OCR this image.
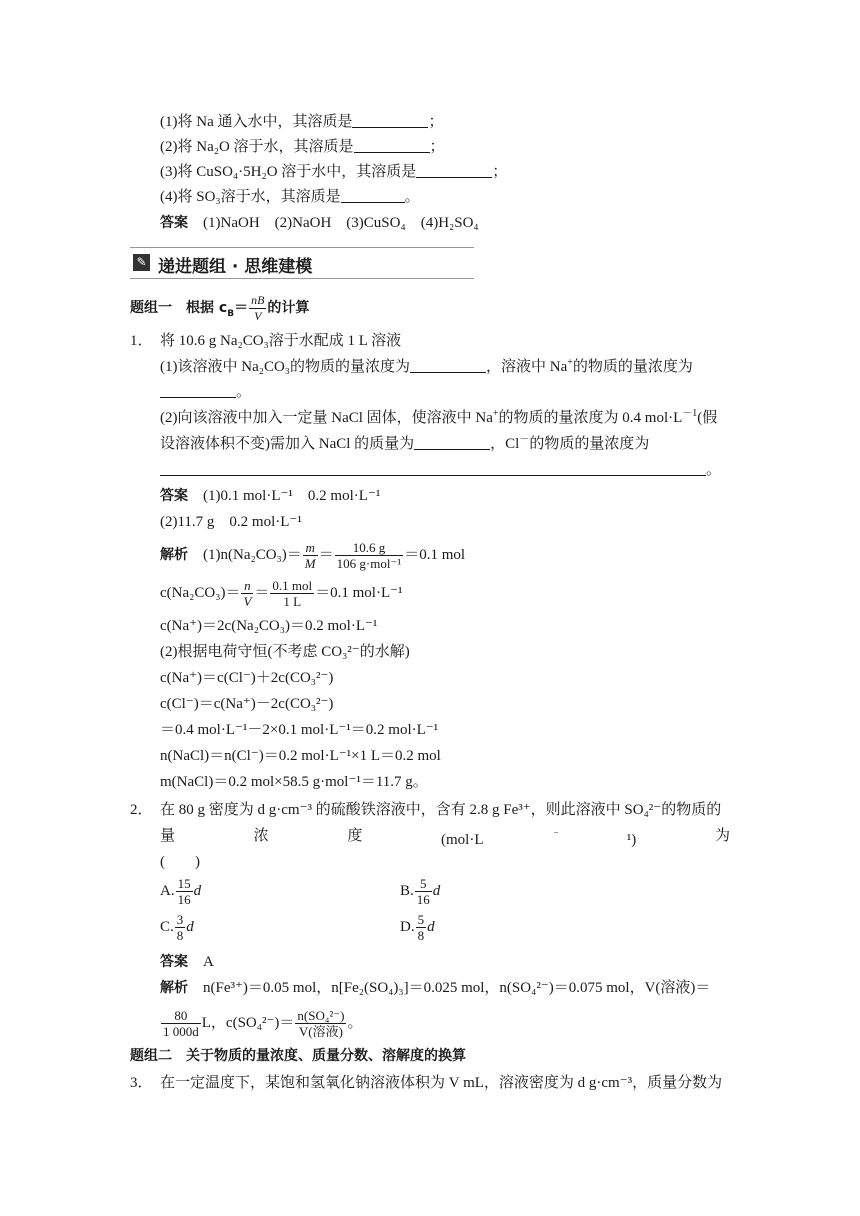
(1)将 Na 通入水中，其溶质是	；
(2)将 Na₂O 溶于水，其溶质是	；
(3)将 CuSO₄·5H₂O 溶于水中，其溶质是	；
(4)将 SO₃溶于水，其溶质是	。
答案　 (1)NaOH　(2)NaOH　(3)CuSO₄　(4)H₂SO₄
✎ 递进题组 · 思维建模
题组一　根据 $c_B= \frac{nB}{V}$ 的计算
1． 将 10.6 g Na₂CO₃溶于水配成 1 L 溶液
(1)该溶液中 Na₂CO₃的物质的量浓度为	，溶液中 Na+的物质的量浓度为
。
(2)向该溶液中加入一定量 NaCl 固体，使溶液中 Na+的物质的量浓度为 0.4 $mol\cdot L^{-1}$(假
设溶液体积不变)需加入 NaCl 的质量为	，Cl－的物质的量浓度为
。
答案　 (1)0.1 mol·L⁻¹　0.2 mol·L⁻¹
(2)11.7 g　0.2 mol·L⁻¹
解析　 $(1)n(Na_2CO_3)= \frac{m}{M} = \frac{10.6 g}{\text{106 g·mol⁻¹}} =0.1$ mol
$c(Na_2CO_3)= \frac{n}{V} = \frac{\text{0.1 mol}}{1 L} =0.1$ mol·L⁻¹
c(Na⁺)＝2c(Na₂CO₃)＝0.2 mol·L⁻¹
(2)根据电荷守恒(不考虑 CO₃²⁻的水解)
c(Na⁺)＝c(Cl⁻)＋2c(CO₃²⁻)
c(Cl⁻)＝c(Na⁺)－2c(CO₃²⁻)
＝0.4 mol·L⁻¹－2×0.1 mol·L⁻¹＝0.2 mol·L⁻¹
n(NaCl)＝n(Cl⁻)＝0.2 mol·L⁻¹×1 L＝0.2 mol
m(NaCl)＝0.2 mol×58.5 g·mol⁻¹＝11.7 g。
2． 在 80 g 密度为 d g·cm⁻³ 的硫酸铁溶液中，含有 2.8 g Fe³⁺，则此溶液中 SO₄²⁻的物质的
量	浓	度	(mol·L	⁻	¹)	为
(　　)
A. $\frac{15}{16}$ d	B. $\frac{5}{16}$ d
C. $\frac{3}{8}$ d	D. $\frac{5}{8}$ d
答案　 A
解析　 n(Fe³⁺)＝0.05 mol，n[Fe₂(SO₄)₃]＝0.025 mol，n(SO₄²⁻)＝0.075 mol，V(溶液)＝
$\frac{80}{1 000d}$ L，$c(SO_4^{2-})= \frac{\text{n(SO₄²⁻)}}{\text{V(溶液)}}$ 。
题组二　关于物质的量浓度、质量分数、溶解度的换算
3． 在一定温度下，某饱和氢氧化钠溶液体积为 V mL，溶液密度为 d g·cm⁻³，质量分数为
